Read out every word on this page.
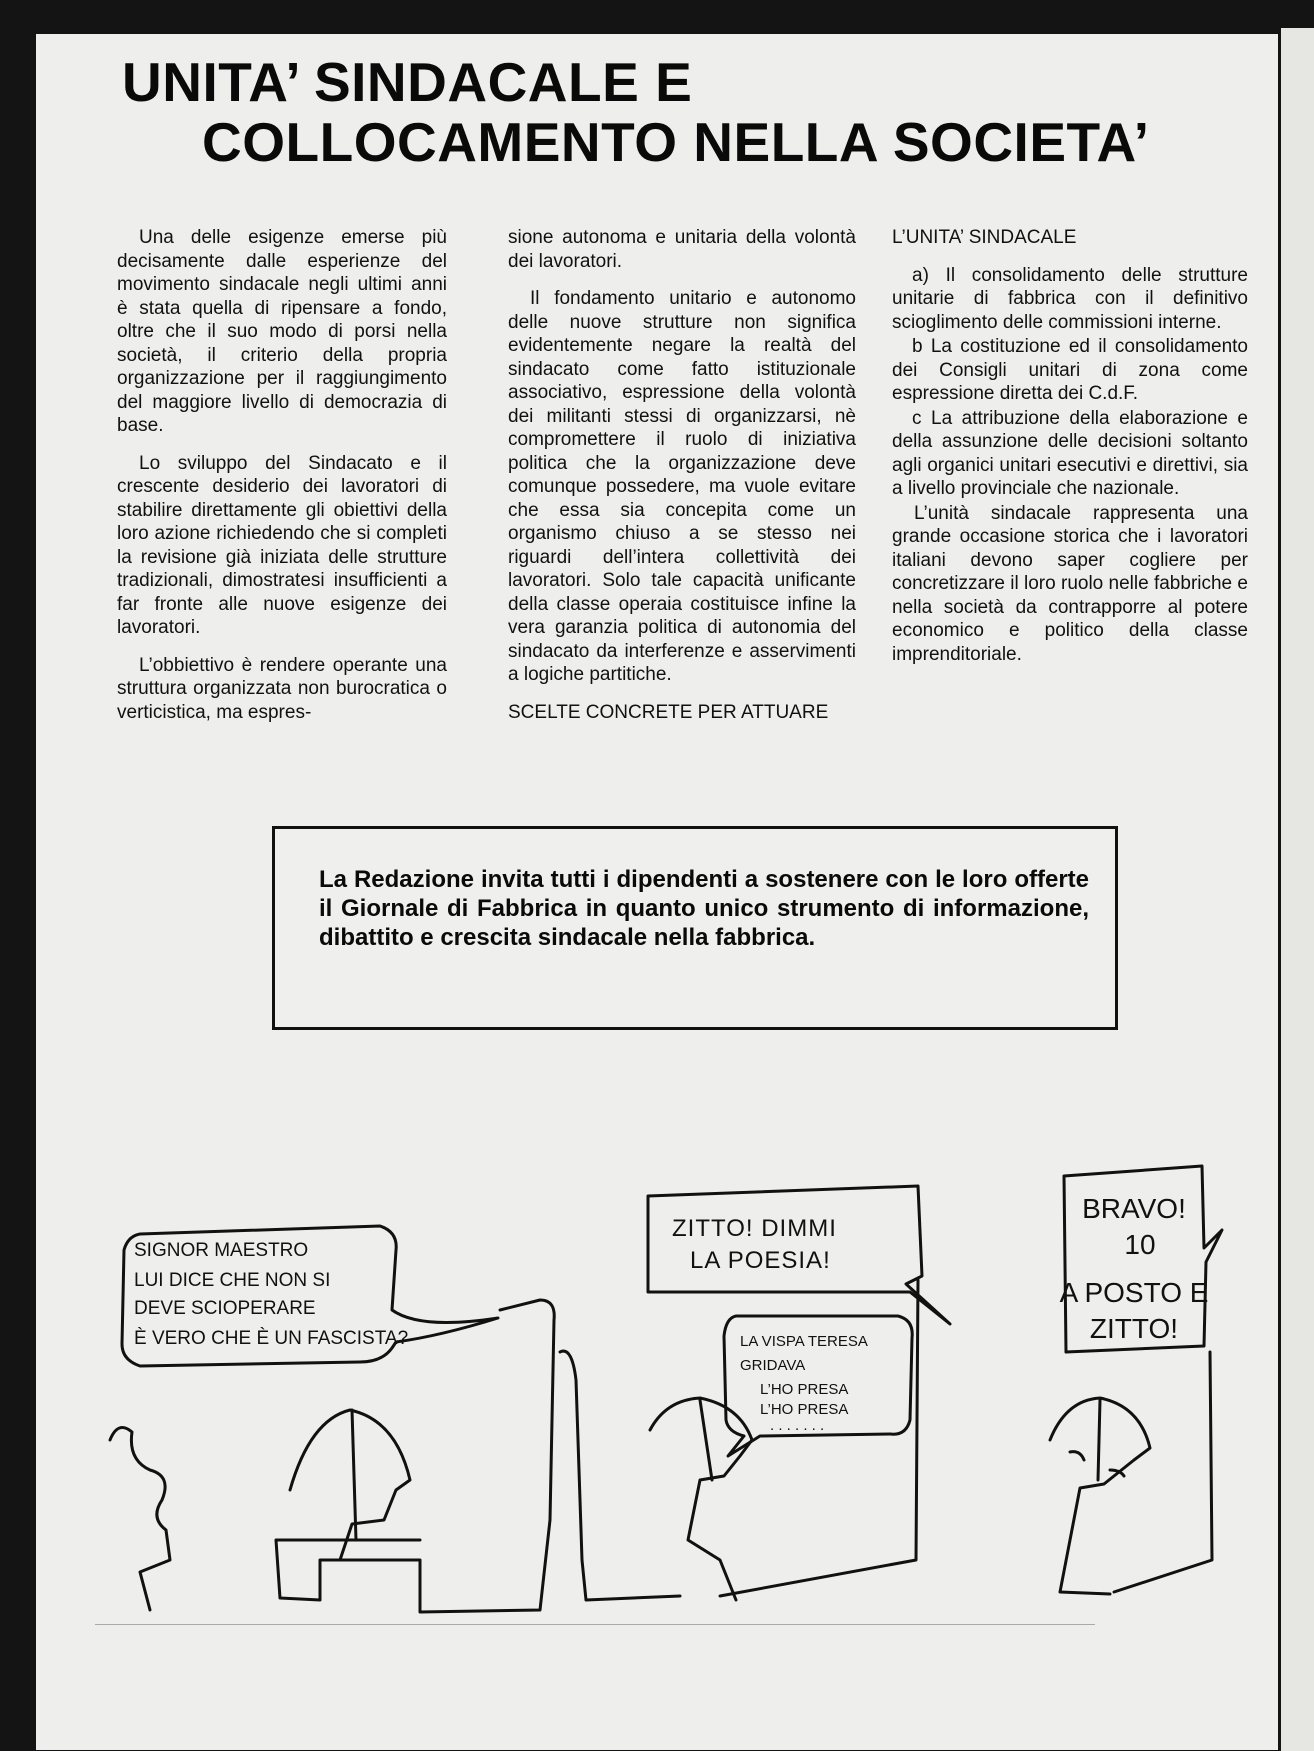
UNITA’ SINDACALE E
COLLOCAMENTO NELLA SOCIETA’

Una delle esigenze emerse più decisamente dalle esperienze del movimento sindacale negli ultimi anni è stata quella di ripensare a fondo, oltre che il suo modo di porsi nella società, il criterio della propria organizzazione per il raggiungimento del maggiore livello di democrazia di base.

Lo sviluppo del Sindacato e il crescente desiderio dei lavoratori di stabilire direttamente gli obiettivi della loro azione richiedendo che si completi la revisione già iniziata delle strutture tradizionali, dimostratesi insufficienti a far fronte alle nuove esigenze dei lavoratori.

L’obbiettivo è rendere operante una struttura organizzata non burocratica o verticistica, ma espres-

sione autonoma e unitaria della volontà dei lavoratori.

Il fondamento unitario e autonomo delle nuove strutture non significa evidentemente negare la realtà del sindacato come fatto istituzionale associativo, espressione della volontà dei militanti stessi di organizzarsi, nè compromettere il ruolo di iniziativa politica che la organizzazione deve comunque possedere, ma vuole evitare che essa sia concepita come un organismo chiuso a se stesso nei riguardi dell’intera collettività dei lavoratori. Solo tale capacità unificante della classe operaia costituisce infine la vera garanzia politica di autonomia del sindacato da interferenze e asservimenti a logiche partitiche.

SCELTE CONCRETE PER ATTUARE

L’UNITA’ SINDACALE

a) Il consolidamento delle strutture unitarie di fabbrica con il definitivo scioglimento delle commissioni interne.

b La costituzione ed il consolidamento dei Consigli unitari di zona come espressione diretta dei C.d.F.

c La attribuzione della elaborazione e della assunzione delle decisioni soltanto agli organici unitari esecutivi e direttivi, sia a livello provinciale che nazionale.

L’unità sindacale rappresenta una grande occasione storica che i lavoratori italiani devono saper cogliere per concretizzare il loro ruolo nelle fabbriche e nella società da contrapporre al potere economico e politico della classe imprenditoriale.

La Redazione invita tutti i dipendenti a sostenere con le loro offerte il Giornale di Fabbrica in quanto unico strumento di informazione, dibattito e crescita sindacale nella fabbrica.

SIGNOR MAESTRO
LUI DICE CHE NON SI
DEVE SCIOPERARE
È VERO CHE È UN FASCISTA?
ZITTO! DIMMI
LA POESIA!
LA VISPA TERESA
GRIDAVA
L’HO PRESA
L’HO PRESA
. . . . . . .
BRAVO!
10
A POSTO E
ZITTO!
